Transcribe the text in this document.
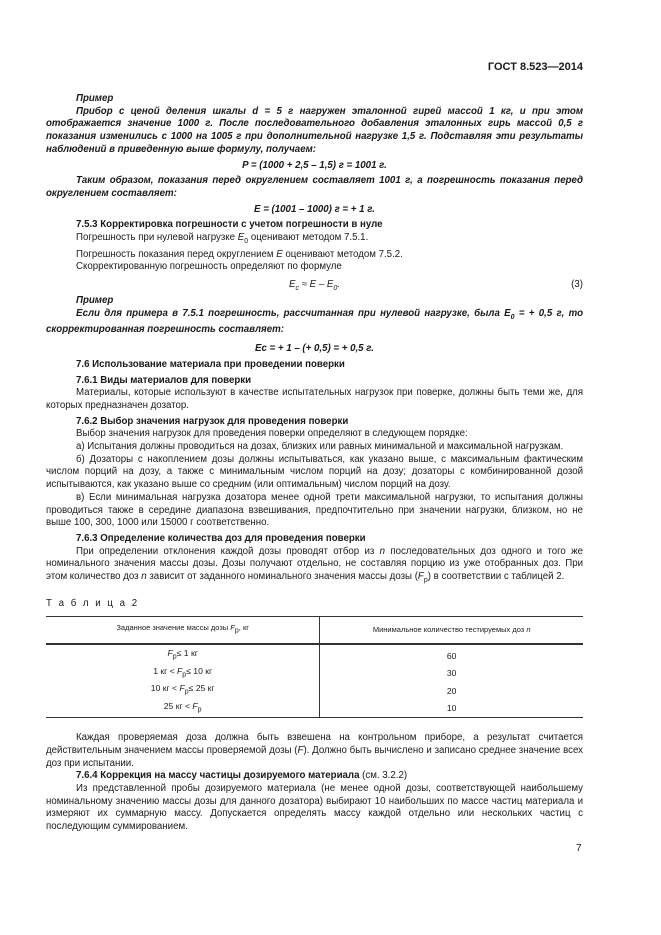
ГОСТ 8.523—2014

Пример

Прибор с ценой деления шкалы d = 5 г нагружен эталонной гирей массой 1 кг, и при этом отображается значение 1000 г. После последовательного добавления эталонных гирь массой 0,5 г показания изменились с 1000 на 1005 г при дополнительной нагрузке 1,5 г. Подставляя эти результаты наблюдений в приведенную выше формулу, получаем:

P = (1000 + 2,5 – 1,5) г = 1001 г.

Таким образом, показания перед округлением составляет 1001 г, а погрешность показания перед округлением составляет:

E = (1001 – 1000) г = + 1 г.

7.5.3 Корректировка погрешности с учетом погрешности в нуле

Погрешность при нулевой нагрузке $E_0$ оценивают методом 7.5.1.

Погрешность показания перед округлением E оценивают методом 7.5.2.

Скорректированную погрешность определяют по формуле

$E_c \approx E - E_0$.	(3)

Пример

Если для примера в 7.5.1 погрешность, рассчитанная при нулевой нагрузке, была $E_0$ = + 0,5 г, то скорректированная погрешность составляет:

Ec = + 1 – (+ 0,5) = + 0,5 г.

7.6 Использование материала при проведении поверки

7.6.1 Виды материалов для поверки

Материалы, которые используют в качестве испытательных нагрузок при поверке, должны быть теми же, для которых предназначен дозатор.

7.6.2 Выбор значения нагрузок для проведения поверки

Выбор значения нагрузок для проведения поверки определяют в следующем порядке:

а) Испытания должны проводиться на дозах, близких или равных минимальной и максимальной нагрузкам.

б) Дозаторы с накоплением дозы должны испытываться, как указано выше, с максимальным фактическим числом порций на дозу, а также с минимальным числом порций на дозу; дозаторы с комбинированной дозой испытываются, как указано выше со средним (или оптимальным) числом порций на дозу.

в) Если минимальная нагрузка дозатора менее одной трети максимальной нагрузки, то испытания должны проводиться также в середине диапазона взвешивания, предпочтительно при значении нагрузки, близком, но не выше 100, 300, 1000 или 15000 г соответственно.

7.6.3 Определение количества доз для проведения поверки

При определении отклонения каждой дозы проводят отбор из n последовательных доз одного и того же номинального значения массы дозы. Дозы получают отдельно, не составляя порцию из уже отобранных доз. При этом количество доз n зависит от заданного номинального значения массы дозы $(F_p)$ в соответствии с таблицей 2.

Т а б л и ц а 2

Заданное значение массы дозы $F_p$, кг	Минимальное количество тестируемых доз n
$F_p\le 1$ кг	60
1 кг < $F_p\le 10$ кг	30
10 кг < $F_p\le 25$ кг	20
25 кг < $F_p$	10

Каждая проверяемая доза должна быть взвешена на контрольном приборе, а результат считается действительным значением массы проверяемой дозы (F). Должно быть вычислено и записано среднее значение всех доз при испытании.

7.6.4 Коррекция на массу частицы дозируемого материала (см. 3.2.2)

Из представленной пробы дозируемого материала (не менее одной дозы, соответствующей наибольшему номинальному значению массы дозы для данного дозатора) выбирают 10 наибольших по массе частиц материала и измеряют их суммарную массу. Допускается определять массу каждой отдельно или нескольких частиц с последующим суммированием.

7
